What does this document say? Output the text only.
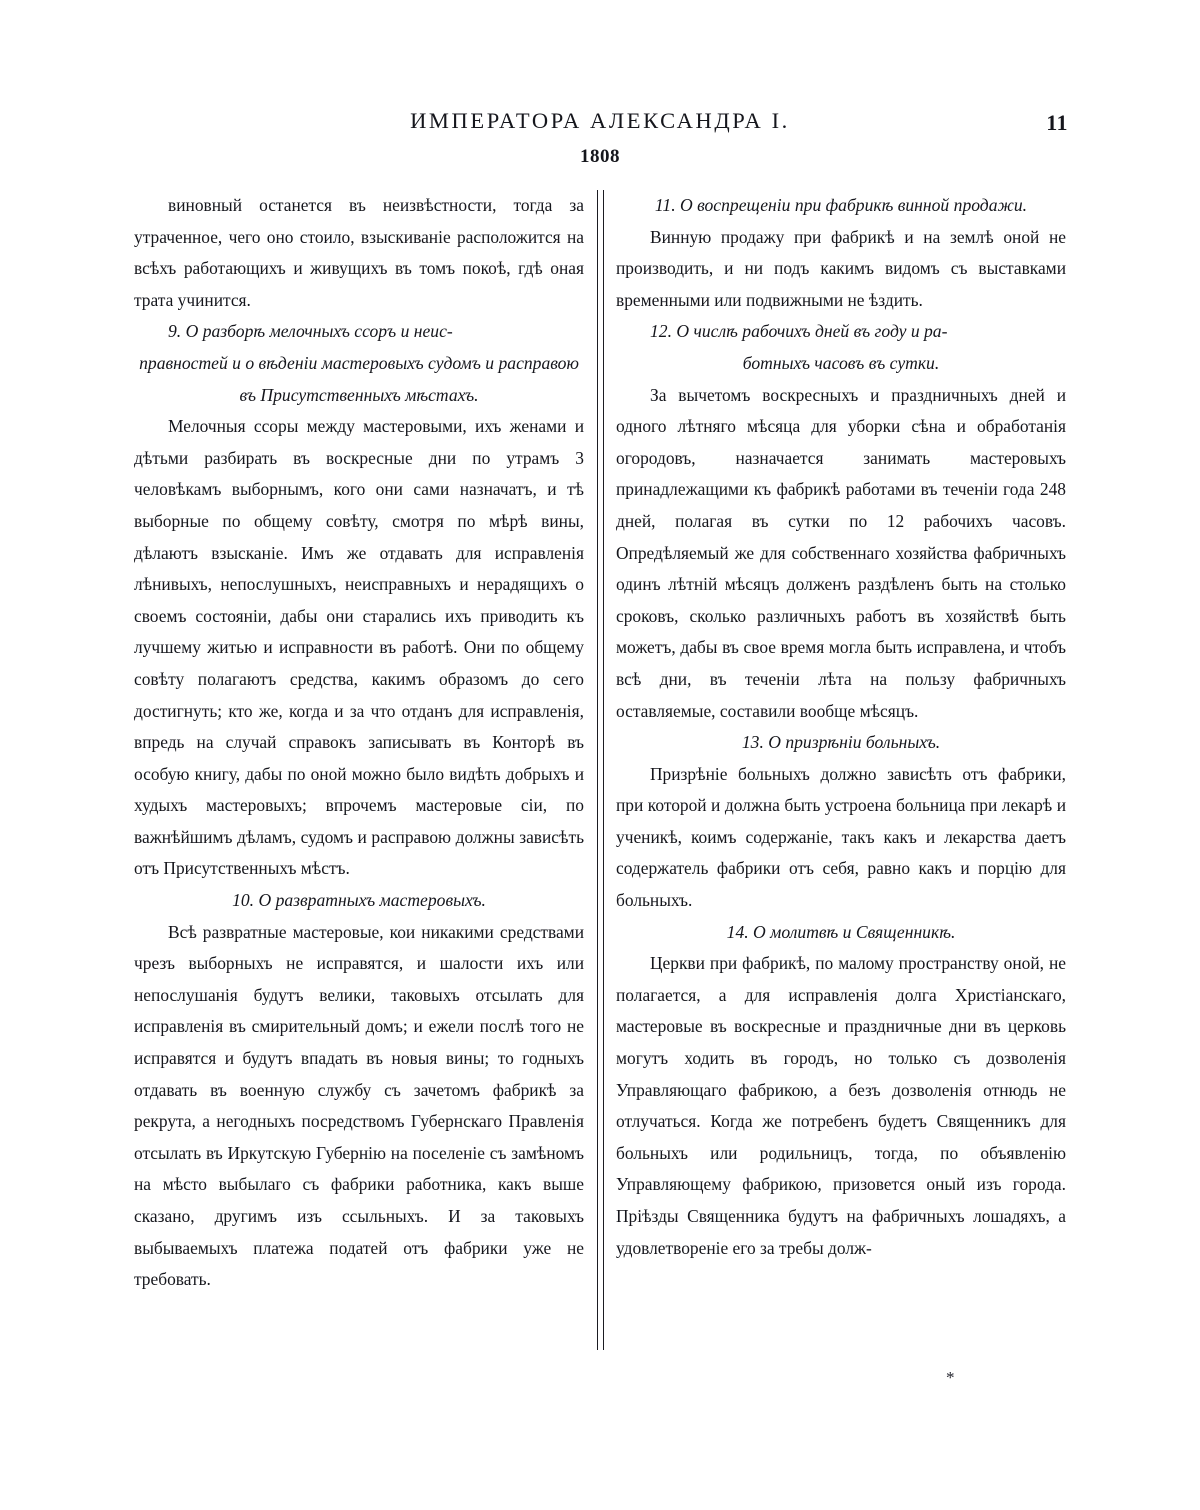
ИМПЕРАТОРА АЛЕКСАНДРА I.	11
1808

виновный останется въ неизвѣстности, тогда за утраченное, чего оно стоило, взыскиваніе расположится на всѣхъ работающихъ и живущихъ въ томъ покоѣ, гдѣ оная трата учинится.

9. О разборѣ мелочныхъ ссоръ и неис-
правностей и о вѣденіи мастеровыхъ судомъ и расправою въ Присутственныхъ мѣстахъ.

Мелочныя ссоры между мастеровыми, ихъ женами и дѣтьми разбирать въ воскресные дни по утрамъ 3 человѣкамъ выборнымъ, кого они сами назначатъ, и тѣ выборные по общему совѣту, смотря по мѣрѣ вины, дѣлаютъ взысканіе. Имъ же отдавать для исправленія лѣнивыхъ, непослушныхъ, неисправныхъ и нерадящихъ о своемъ состояніи, дабы они старались ихъ приводить къ лучшему житью и исправности въ работѣ. Они по общему совѣту полагаютъ средства, какимъ образомъ до сего достигнуть; кто же, когда и за что отданъ для исправленія, впредь на случай справокъ записывать въ Конторѣ въ особую книгу, дабы по оной можно было видѣть добрыхъ и худыхъ мастеровыхъ; впрочемъ мастеровые сіи, по важнѣйшимъ дѣламъ, судомъ и расправою должны зависѣть отъ Присутственныхъ мѣстъ.

10. О развратныхъ мастеровыхъ.

Всѣ развратные мастеровые, кои никакими средствами чрезъ выборныхъ не исправятся, и шалости ихъ или непослушанія будутъ велики, таковыхъ отсылать для исправленія въ смирительный домъ; и ежели послѣ того не исправятся и будутъ впадать въ новыя вины; то годныхъ отдавать въ военную службу съ зачетомъ фабрикѣ за рекрута, а негодныхъ посредствомъ Губернскаго Правленія отсылать въ Иркутскую Губернію на поселеніе съ замѣномъ на мѣсто выбылаго съ фабрики работника, какъ выше сказано, другимъ изъ ссыльныхъ. И за таковыхъ выбываемыхъ платежа податей отъ фабрики уже не требовать.

11. О воспрещеніи при фабрикѣ винной продажи.

Винную продажу при фабрикѣ и на землѣ оной не производить, и ни подъ какимъ видомъ съ выставками временными или подвижными не ѣздить.

12. О числѣ рабочихъ дней въ году и ра-
ботныхъ часовъ въ сутки.

За вычетомъ воскресныхъ и праздничныхъ дней и одного лѣтняго мѣсяца для уборки сѣна и обработанія огородовъ, назначается занимать мастеровыхъ принадлежащими къ фабрикѣ работами въ теченіи года 248 дней, полагая въ сутки по 12 рабочихъ часовъ. Опредѣляемый же для собственнаго хозяйства фабричныхъ одинъ лѣтній мѣсяцъ долженъ раздѣленъ быть на столько сроковъ, сколько различныхъ работъ въ хозяйствѣ быть можетъ, дабы въ свое время могла быть исправлена, и чтобъ всѣ дни, въ теченіи лѣта на пользу фабричныхъ оставляемые, составили вообще мѣсяцъ.

13. О призрѣніи больныхъ.

Призрѣніе больныхъ должно зависѣть отъ фабрики, при которой и должна быть устроена больница при лекарѣ и ученикѣ, коимъ содержаніе, такъ какъ и лекарства даетъ содержатель фабрики отъ себя, равно какъ и порцію для больныхъ.

14. О молитвѣ и Священникѣ.

Церкви при фабрикѣ, по малому пространству оной, не полагается, а для исправленія долга Христіанскаго, мастеровые въ воскресные и праздничные дни въ церковь могутъ ходить въ городъ, но только съ дозволенія Управляющаго фабрикою, а безъ дозволенія отнюдь не отлучаться. Когда же потребенъ будетъ Священникъ для больныхъ или родильницъ, тогда, по объявленію Управляющему фабрикою, призовется оный изъ города. Прiѣзды Священника будутъ на фабричныхъ лошадяхъ, а удовлетвореніе его за требы долж-

*
